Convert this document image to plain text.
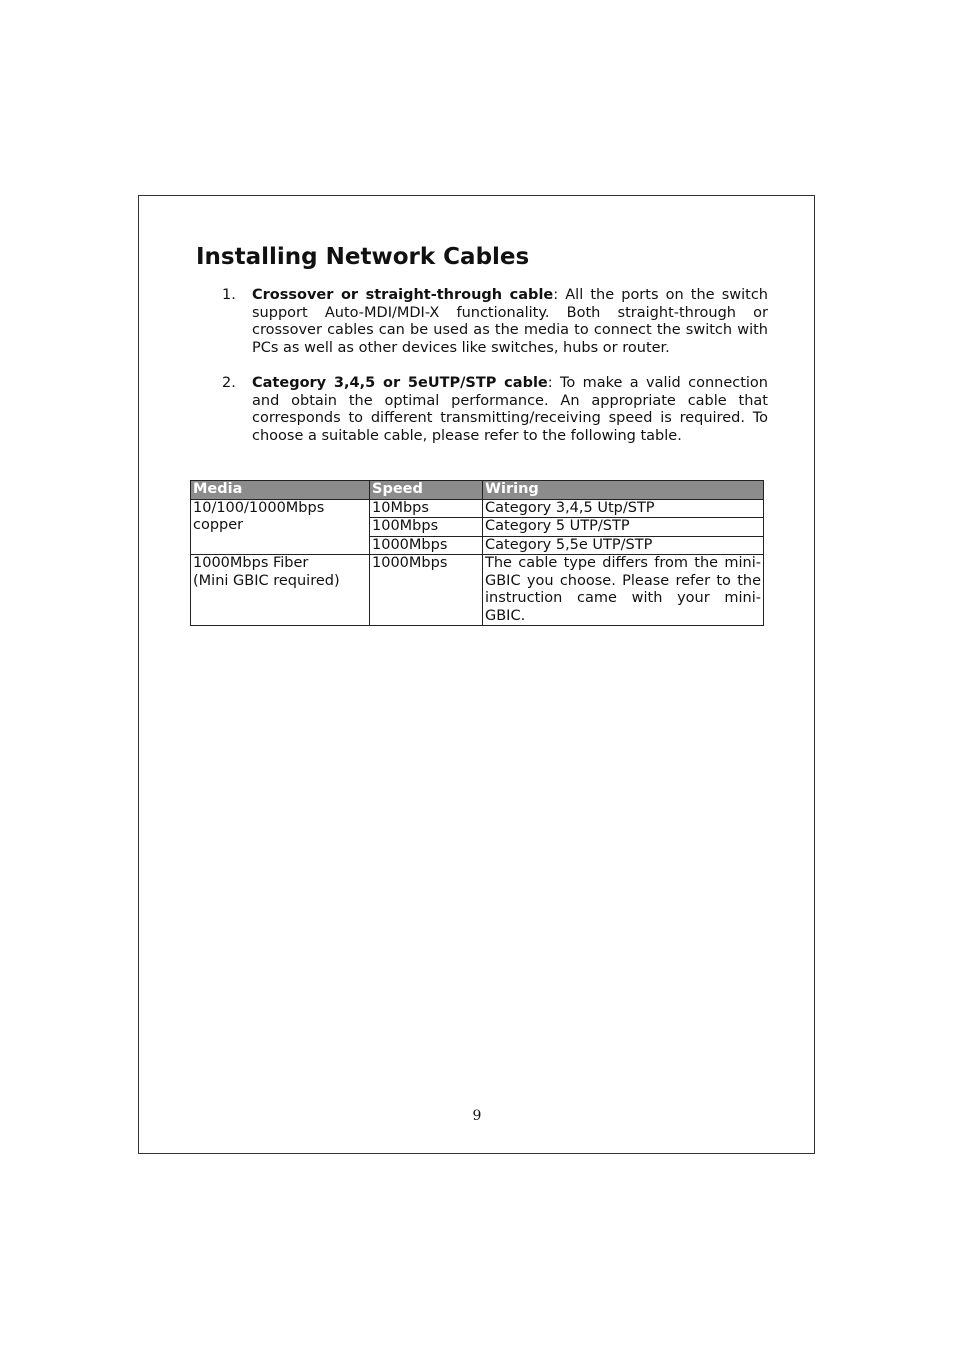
Installing Network Cables
1. Crossover or straight-through cable: All the ports on the switch support Auto-MDI/MDI-X functionality. Both straight-through or crossover cables can be used as the media to connect the switch with PCs as well as other devices like switches, hubs or router.
2. Category 3,4,5 or 5eUTP/STP cable: To make a valid connection and obtain the optimal performance. An appropriate cable that corresponds to different transmitting/receiving speed is required. To choose a suitable cable, please refer to the following table.
Media	Speed	Wiring

10/100/1000Mbps
copper	10Mbps	Category 3,4,5 Utp/STP
	100Mbps	Category 5 UTP/STP
	1000Mbps	Category 5,5e UTP/STP

1000Mbps Fiber
(Mini GBIC required)	1000Mbps	The cable type differs from the mini-GBIC you choose. Please refer to the instruction came with your mini-GBIC.
9
